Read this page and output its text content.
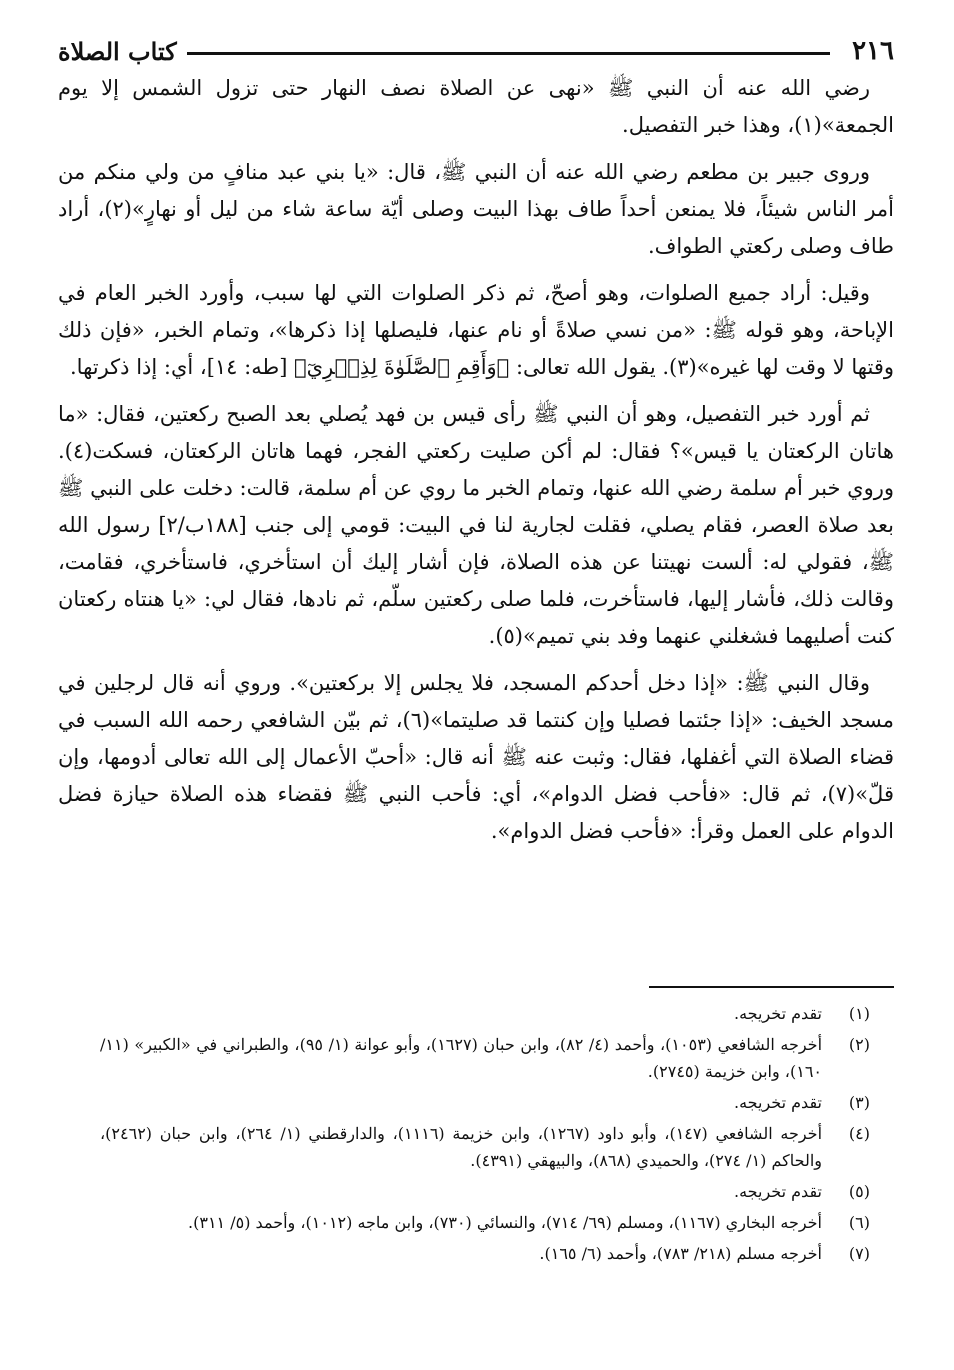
٢١٦
كتاب الصلاة

رضي الله عنه أن النبي ﷺ «نهى عن الصلاة نصف النهار حتى تزول الشمس إلا يوم الجمعة»(١)، وهذا خبر التفصيل.

وروى جبير بن مطعم رضي الله عنه أن النبي ﷺ، قال: «يا بني عبد منافٍ من ولي منكم من أمر الناس شيئاً، فلا يمنعن أحداً طاف بهذا البيت وصلى أيّة ساعة شاء من ليل أو نهارٍ»(٢)، أراد طاف وصلى ركعتي الطواف.

وقيل: أراد جميع الصلوات، وهو أصحّ، ثم ذكر الصلوات التي لها سبب، وأورد الخبر العام في الإباحة، وهو قوله ﷺ: «من نسي صلاةً أو نام عنها، فليصلها إذا ذكرها»، وتمام الخبر، «فإن ذلك وقتها لا وقت لها غيره»(٣). يقول الله تعالى: ﴿وَأَقِمِ ٱلصَّلَوٰةَ لِذِكۡرِيٓ﴾ [طه: ١٤]، أي: إذا ذكرتها.

ثم أورد خبر التفصيل، وهو أن النبي ﷺ رأى قيس بن فهد يُصلي بعد الصبح ركعتين، فقال: «ما هاتان الركعتان يا قيس»؟ فقال: لم أكن صليت ركعتي الفجر، فهما هاتان الركعتان، فسكت(٤). وروي خبر أم سلمة رضي الله عنها، وتمام الخبر ما روي عن أم سلمة، قالت: دخلت على النبي ﷺ بعد صلاة العصر، فقام يصلي، فقلت لجارية لنا في البيت: قومي إلى جنب [١٨٨ب/٢] رسول الله ﷺ، فقولي له: ألست نهيتنا عن هذه الصلاة، فإن أشار إليك أن استأخري، فاستأخري، فقامت، وقالت ذلك، فأشار إليها، فاستأخرت، فلما صلى ركعتين سلّم، ثم نادها، فقال لي: «يا هنتاه ركعتان كنت أصليهما فشغلني عنهما وفد بني تميم»(٥).

وقال النبي ﷺ: «إذا دخل أحدكم المسجد، فلا يجلس إلا بركعتين». وروي أنه قال لرجلين في مسجد الخيف: «إذا جئتما فصليا وإن كنتما قد صليتما»(٦)، ثم بيّن الشافعي رحمه الله السبب في قضاء الصلاة التي أغفلها، فقال: وثبت عنه ﷺ أنه قال: «أحبّ الأعمال إلى الله تعالى أدومها، وإن قلّ»(٧)، ثم قال: «فأحب فضل الدوام»، أي: فأحب النبي ﷺ فقضاء هذه الصلاة حيازة فضل الدوام على العمل وقرأ: «فأحب فضل الدوام».

(١)
تقدم تخريجه.
(٢)
أخرجه الشافعي (١٠٥٣)، وأحمد (٤/ ٨٢)، وابن حبان (١٦٢٧)، وأبو عوانة (١/ ٩٥)، والطبراني في «الكبير» (١١/ ١٦٠)، وابن خزيمة (٢٧٤٥).
(٣)
تقدم تخريجه.
(٤)
أخرجه الشافعي (١٤٧)، وأبو داود (١٢٦٧)، وابن خزيمة (١١١٦)، والدارقطني (١/ ٢٦٤)، وابن حبان (٢٤٦٢)، والحاكم (١/ ٢٧٤)، والحميدي (٨٦٨)، والبيهقي (٤٣٩١).
(٥)
تقدم تخريجه.
(٦)
أخرجه البخاري (١١٦٧)، ومسلم (٦٩/ ٧١٤)، والنسائي (٧٣٠)، وابن ماجه (١٠١٢)، وأحمد (٥/ ٣١١).
(٧)
أخرجه مسلم (٢١٨/ ٧٨٣)، وأحمد (٦/ ١٦٥).
